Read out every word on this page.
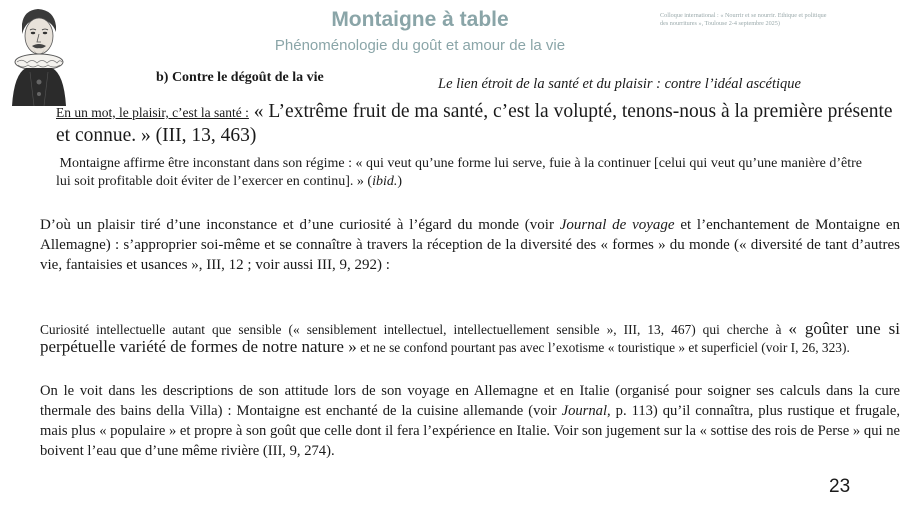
Montaigne à table
Phénoménologie du goût et amour de la vie
Colloque international : « Nourrir et se nourrir. Ethique et politique
des nourritures », Toulouse 2-4 septembre 2025)
b) Contre le dégoût de la vie	Le lien étroit de la santé et du plaisir : contre l’idéal ascétique
En un mot, le plaisir, c’est la santé : « L’extrême fruit de ma santé, c’est la volupté, tenons-nous à la première présente et connue. » (III, 13, 463)
Montaigne affirme être inconstant dans son régime : « qui veut qu’une forme lui serve, fuie à la continuer [celui qui veut qu’une manière d’être lui soit profitable doit éviter de l’exercer en continu]. » (ibid.)
D’où un plaisir tiré d’une inconstance et d’une curiosité à l’égard du monde (voir Journal de voyage et l’enchantement de Montaigne en Allemagne) : s’approprier soi-même et se connaître à travers la réception de la diversité des « formes » du monde (« diversité de tant d’autres vie, fantaisies et usances », III, 12 ; voir aussi III, 9, 292) :
Curiosité intellectuelle autant que sensible (« sensiblement intellectuel, intellectuellement sensible », III, 13, 467) qui cherche à « goûter une si perpétuelle variété de formes de notre nature » et ne se confond pourtant pas avec l’exotisme « touristique » et superficiel (voir I, 26, 323).
On le voit dans les descriptions de son attitude lors de son voyage en Allemagne et en Italie (organisé pour soigner ses calculs dans la cure thermale des bains della Villa) : Montaigne est enchanté de la cuisine allemande (voir Journal, p. 113) qu’il connaîtra, plus rustique et frugale, mais plus « populaire » et propre à son goût que celle dont il fera l’expérience en Italie. Voir son jugement sur la « sottise des rois de Perse » qui ne boivent l’eau que d’une même rivière (III, 9, 274).
23
